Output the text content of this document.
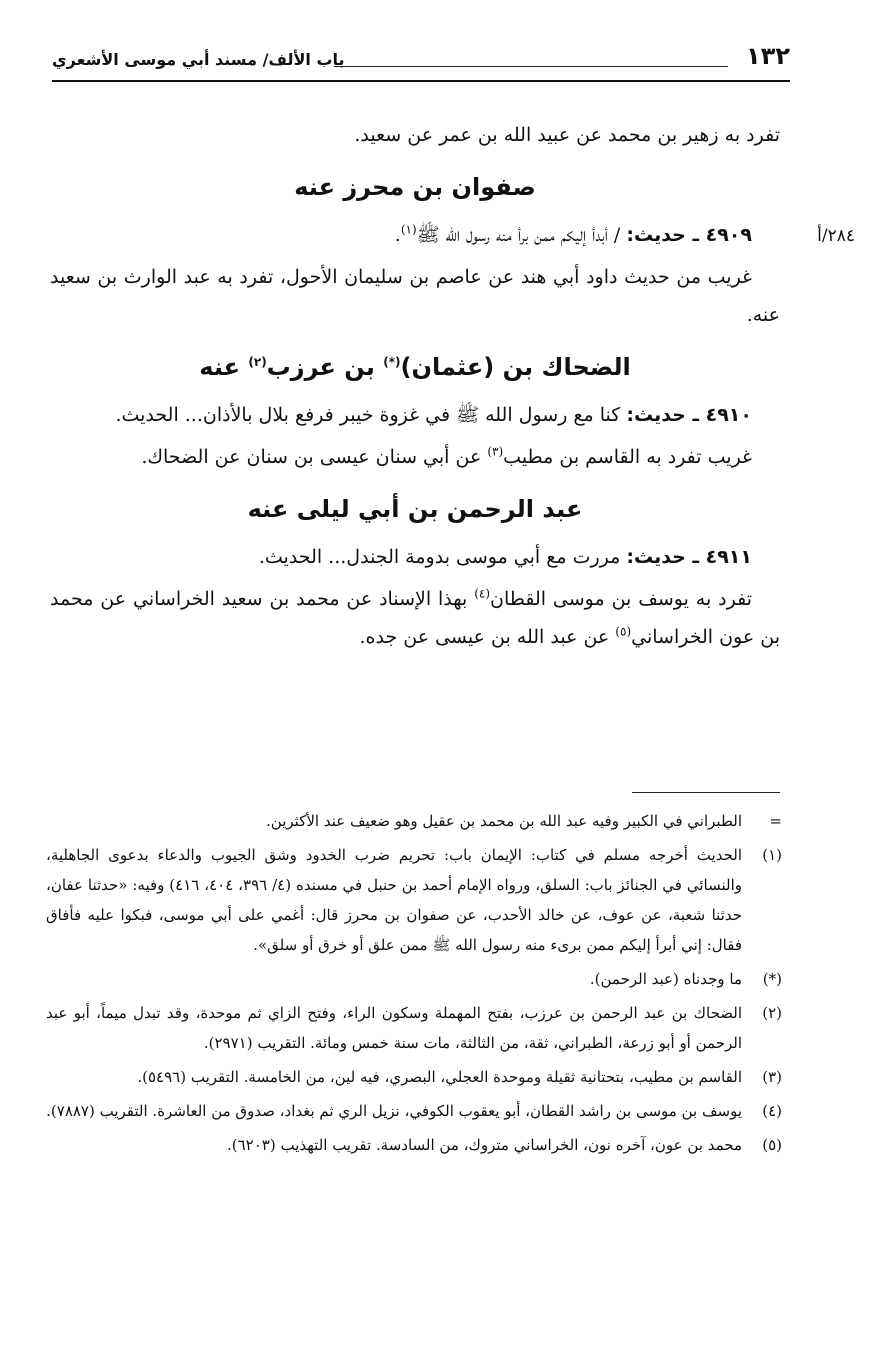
١٣٢
باب الألف/ مسند أبي موسى الأشعري
٢٨٤/أ

تفرد به زهير بن محمد عن عبيد الله بن عمر عن سعيد.

صفوان بن محرز عنه

٤٩٠٩ ـ حديث: / أبدأ إليكم ممن برأ منه رسول الله ﷺ$^{(١)}$.

غريب من حديث داود أبي هند عن عاصم بن سليمان الأحول، تفرد به عبد الوارث بن سعيد عنه.

الضحاك بن (عثمان)(*) بن عرزب$^{(٢)}$ عنه

٤٩١٠ ـ حديث: كنا مع رسول الله ﷺ في غزوة خيبر فرفع بلال بالأذان... الحديث.

غريب تفرد به القاسم بن مطيب$^{(٣)}$ عن أبي سنان عيسى بن سنان عن الضحاك.

عبد الرحمن بن أبي ليلى عنه

٤٩١١ ـ حديث: مررت مع أبي موسى بدومة الجندل... الحديث.

تفرد به يوسف بن موسى القطان$^{(٤)}$ بهذا الإسناد عن محمد بن سعيد الخراساني عن محمد بن عون الخراساني$^{(٥)}$ عن عبد الله بن عيسى عن جده.

=
الطبراني في الكبير وفيه عبد الله بن محمد بن عقيل وهو ضعيف عند الأكثرين.
(١)
الحديث أخرجه مسلم في كتاب: الإيمان باب: تحريم ضرب الخدود وشق الجيوب والدعاء بدعوى الجاهلية، والنسائي في الجنائز باب: السلق، ورواه الإمام أحمد بن حنبل في مسنده (٤/ ٣٩٦، ٤٠٤، ٤١٦) وفيه: «حدثنا عفان، حدثنا شعبة، عن عوف، عن خالد الأحدب، عن صفوان بن محرز قال: أغمي على أبي موسى، فبكوا عليه فأفاق فقال: إني أبرأ إليكم ممن برىء منه رسول الله ﷺ ممن علق أو خرق أو سلق».
(*)
ما وجدناه (عبد الرحمن).
(٢)
الضحاك بن عبد الرحمن بن عرزب، بفتح المهملة وسكون الراء، وفتح الزاي ثم موحدة، وقد تبدل ميماً، أبو عبد الرحمن أو أبو زرعة، الطبراني، ثقة، من الثالثة، مات سنة خمس ومائة. التقريب (٢٩٧١).
(٣)
القاسم بن مطيب، بتحتانية ثقيلة وموحدة العجلي، البصري، فيه لين، من الخامسة. التقريب (٥٤٩٦).
(٤)
يوسف بن موسى بن راشد القطان، أبو يعقوب الكوفي، نزيل الري ثم بغداد، صدوق من العاشرة. التقريب (٧٨٨٧).
(٥)
محمد بن عون، آخره نون، الخراساني متروك، من السادسة. تقريب التهذيب (٦٢٠٣).
